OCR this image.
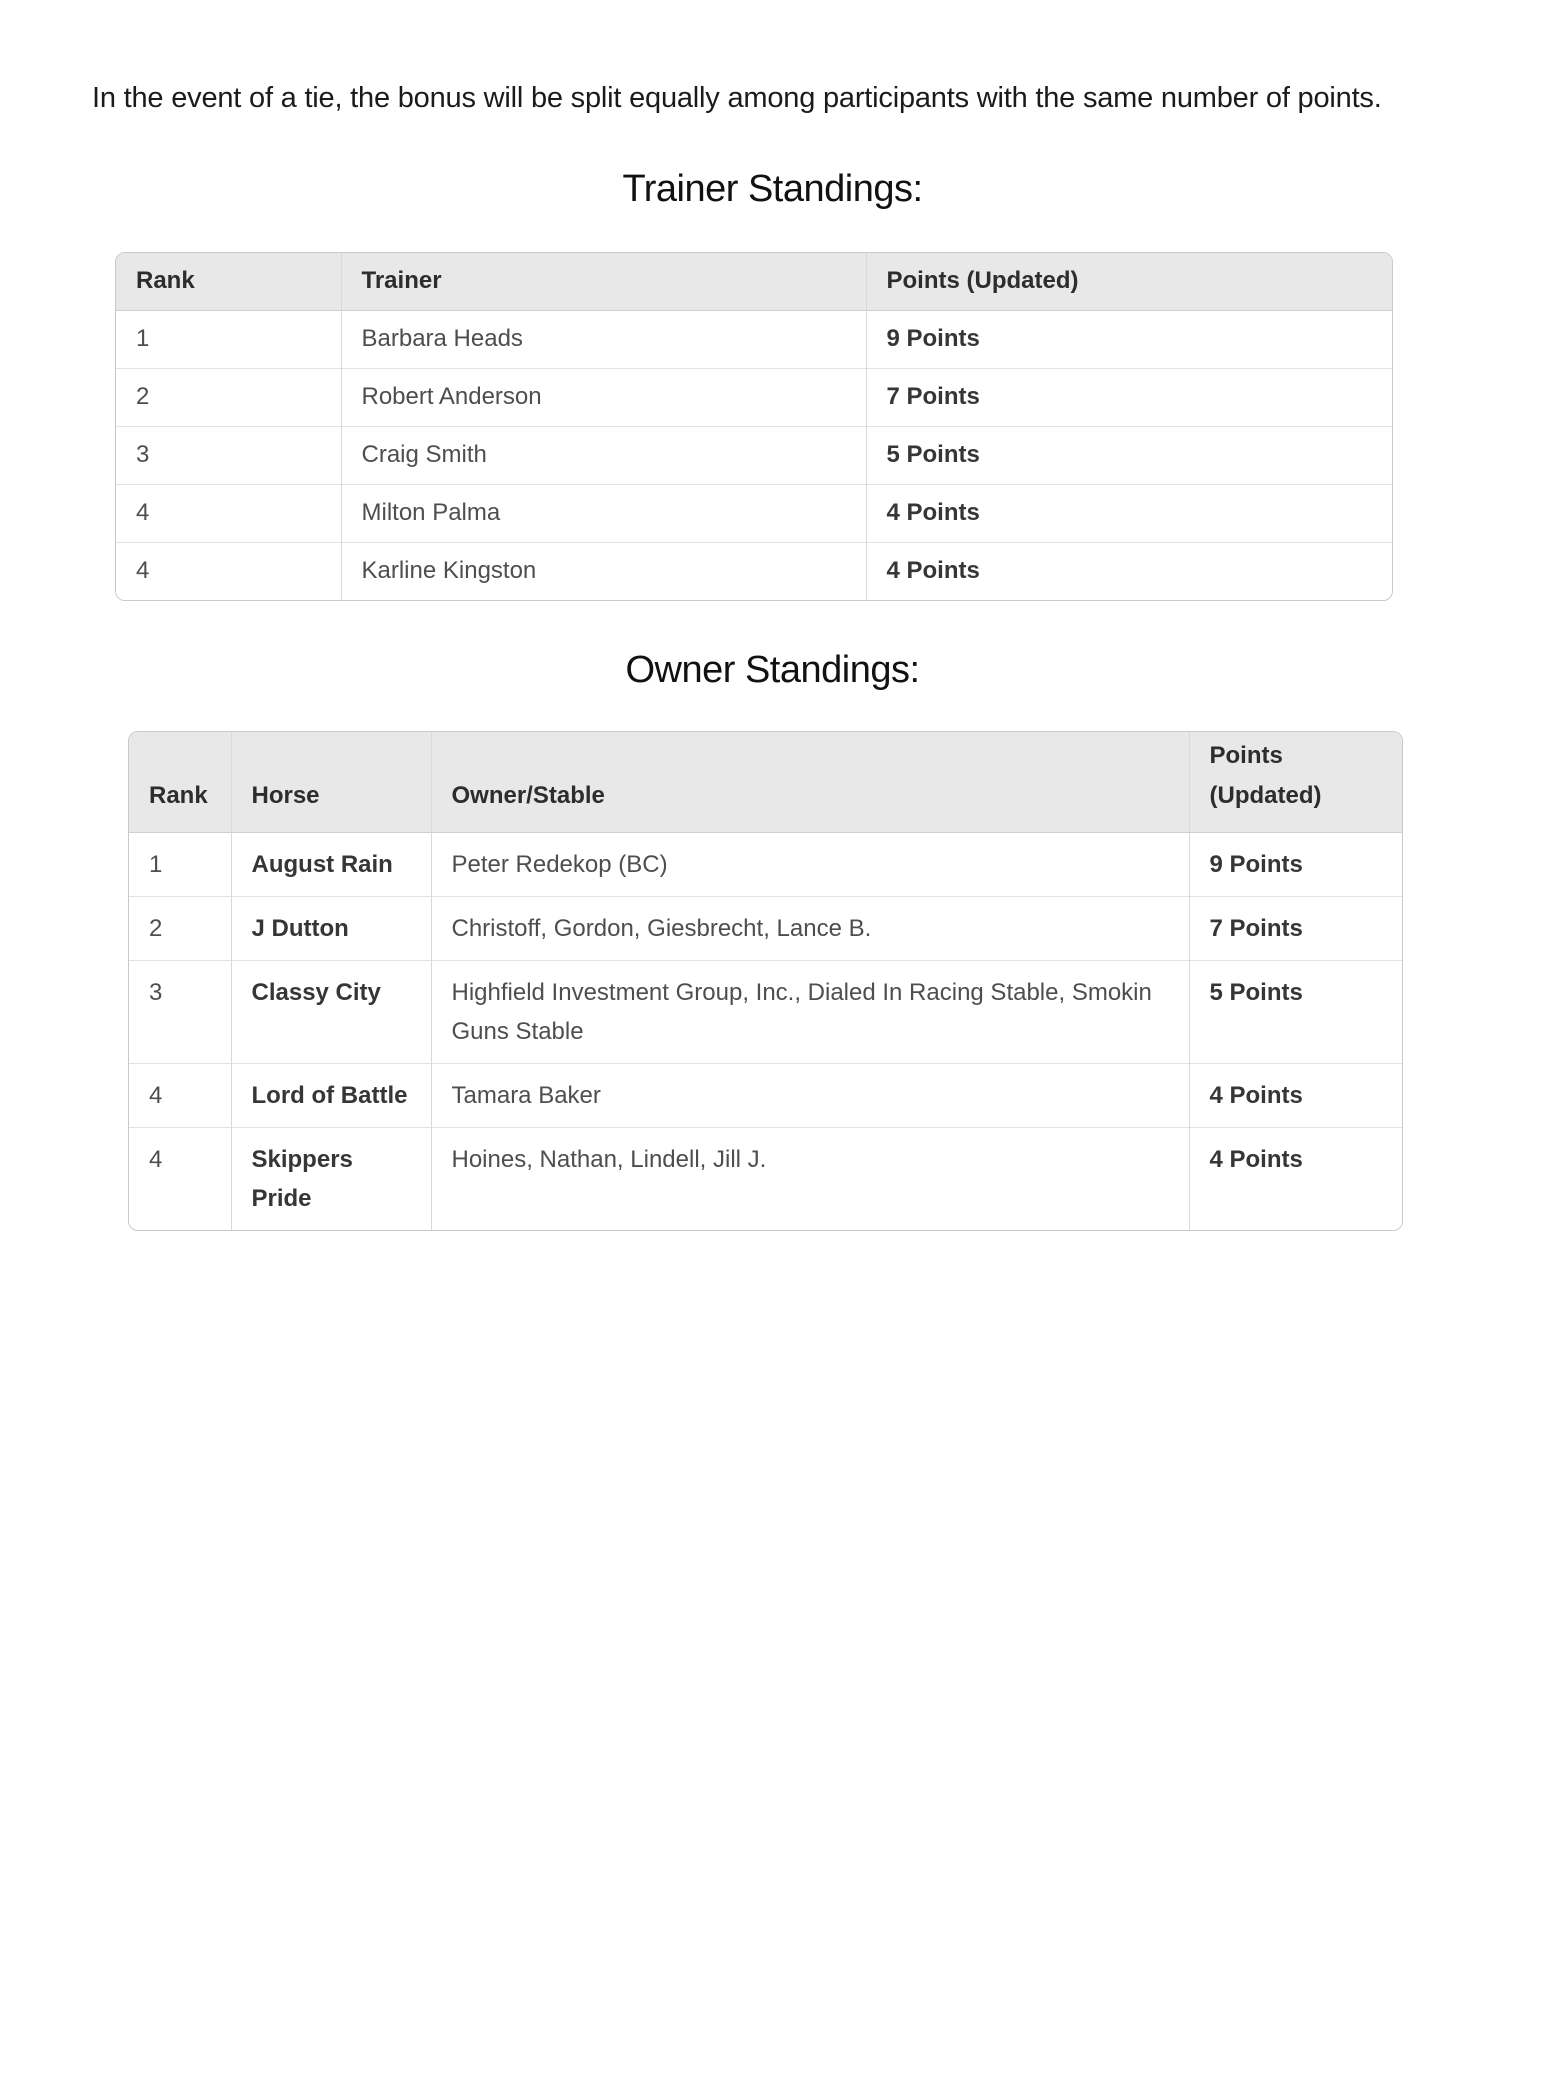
In the event of a tie, the bonus will be split equally among participants with the same number of points.

Trainer Standings:
Rank	Trainer	Points (Updated)
1	Barbara Heads	9 Points
2	Robert Anderson	7 Points
3	Craig Smith	5 Points
4	Milton Palma	4 Points
4	Karline Kingston	4 Points
Owner Standings:
Rank	Horse	Owner/Stable	Points (Updated)
1	August Rain	Peter Redekop (BC)	9 Points
2	J Dutton	Christoff, Gordon, Giesbrecht, Lance B.	7 Points
3	Classy City	Highfield Investment Group, Inc., Dialed In Racing Stable, Smokin Guns Stable	5 Points
4	Lord of Battle	Tamara Baker	4 Points
4	Skippers Pride	Hoines, Nathan, Lindell, Jill J.	4 Points
